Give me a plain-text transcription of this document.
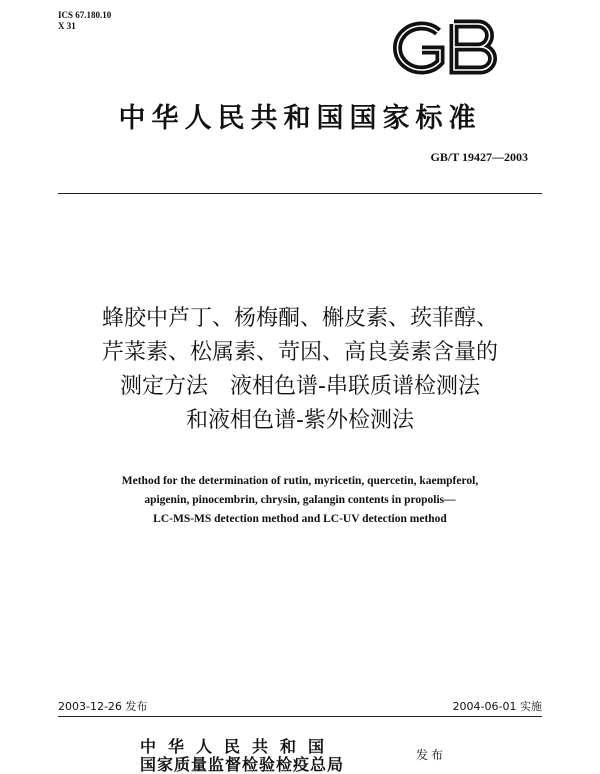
ICS 67.180.10
X 31
GB
中华人民共和国国家标准
GB/T 19427—2003
蜂胶中芦丁、杨梅酮、槲皮素、莰菲醇、
芹菜素、松属素、苛因、高良姜素含量的
测定方法　液相色谱-串联质谱检测法
和液相色谱-紫外检测法
Method for the determination of rutin, myricetin, quercetin, kaempferol,
apigenin, pinocembrin, chrysin, galangin contents in propolis—
LC-MS-MS detection method and LC-UV detection method
2003-12-26 发布	2004-06-01 实施
中华人民共和国
国家质量监督检验检疫总局	发布
